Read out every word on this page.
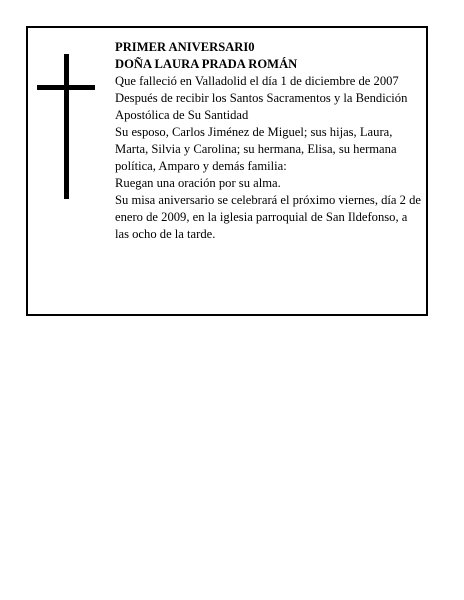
PRIMER ANIVERSARI0

DOÑA LAURA PRADA ROMÁN

Que falleció en Valladolid el día 1 de diciembre de 2007

Después de recibir los Santos Sacramentos y la Bendición Apostólica de Su Santidad

Su esposo, Carlos Jiménez de Miguel; sus hijas, Laura, Marta, Silvia y Carolina; su hermana, Elisa, su hermana política, Amparo y demás familia:

Ruegan una oración por su alma.

Su misa aniversario se celebrará el próximo viernes, día 2 de enero de 2009, en la iglesia parroquial de San Ildefonso, a las ocho de la tarde.
